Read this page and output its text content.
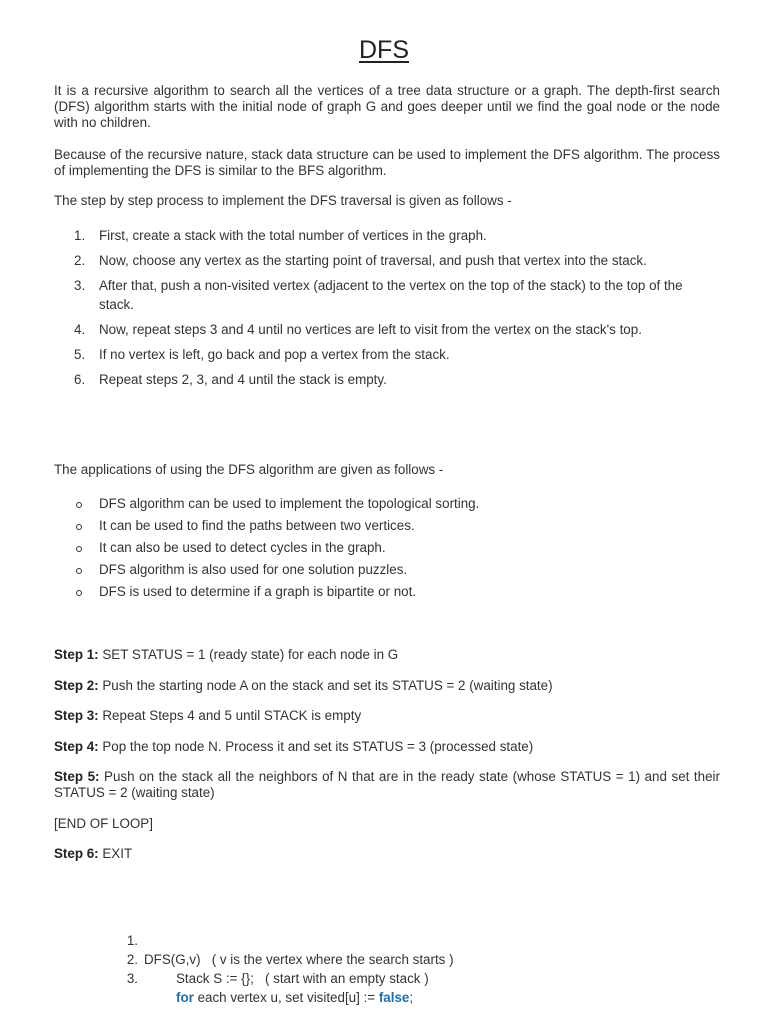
DFS

It is a recursive algorithm to search all the vertices of a tree data structure or a graph. The depth-first search (DFS) algorithm starts with the initial node of graph G and goes deeper until we find the goal node or the node with no children.

Because of the recursive nature, stack data structure can be used to implement the DFS algorithm. The process of implementing the DFS is similar to the BFS algorithm.

The step by step process to implement the DFS traversal is given as follows -

1. First, create a stack with the total number of vertices in the graph.
2. Now, choose any vertex as the starting point of traversal, and push that vertex into the stack.
3. After that, push a non-visited vertex (adjacent to the vertex on the top of the stack) to the top of the stack.
4. Now, repeat steps 3 and 4 until no vertices are left to visit from the vertex on the stack's top.
5. If no vertex is left, go back and pop a vertex from the stack.
6. Repeat steps 2, 3, and 4 until the stack is empty.

The applications of using the DFS algorithm are given as follows -

DFS algorithm can be used to implement the topological sorting.
It can be used to find the paths between two vertices.
It can also be used to detect cycles in the graph.
DFS algorithm is also used for one solution puzzles.
DFS is used to determine if a graph is bipartite or not.

Step 1: SET STATUS = 1 (ready state) for each node in G

Step 2: Push the starting node A on the stack and set its STATUS = 2 (waiting state)

Step 3: Repeat Steps 4 and 5 until STACK is empty

Step 4: Pop the top node N. Process it and set its STATUS = 3 (processed state)

Step 5: Push on the stack all the neighbors of N that are in the ready state (whose STATUS = 1) and set their STATUS = 2 (waiting state)

[END OF LOOP]

Step 6: EXIT

1.

DFS(G,v)   ( v is the vertex where the search starts )

2.

Stack S := {};   ( start with an empty stack )

3.

for each vertex u, set visited[u] := false;
